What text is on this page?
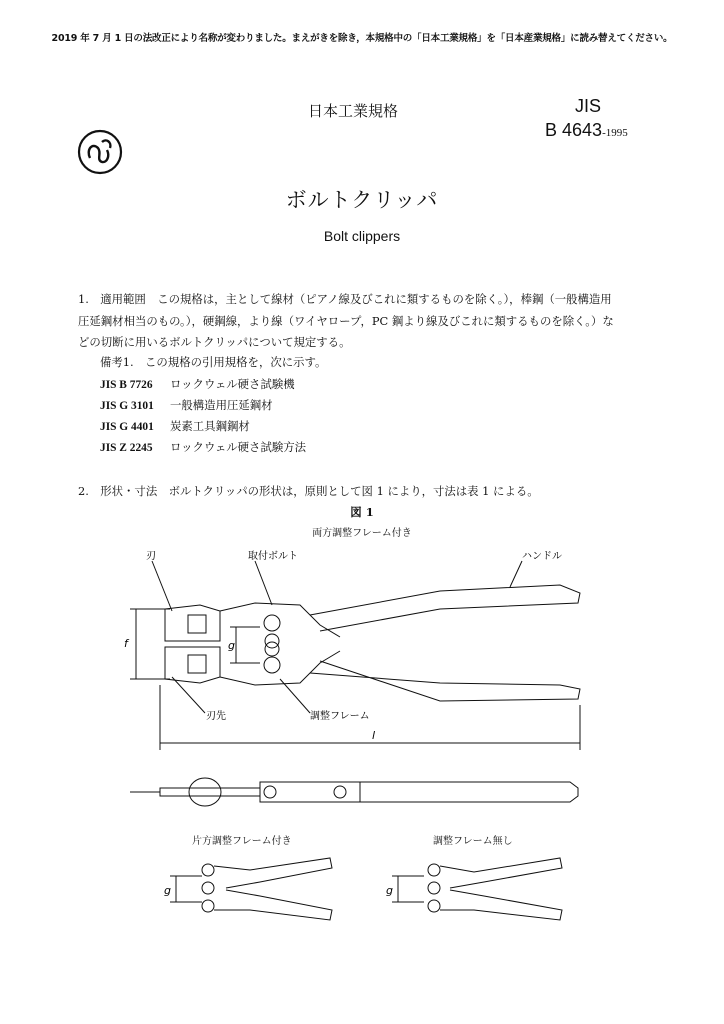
2019 年 7 月 1 日の法改正により名称が変わりました。まえがきを除き，本規格中の「日本工業規格」を「日本産業規格」に読み替えてください。
日本工業規格	JIS
B 4643-1995
ボルトクリッパ
Bolt clippers
1.　適用範囲　この規格は，主として線材（ピアノ線及びこれに類するものを除く。），棒鋼（一般構造用
圧延鋼材相当のもの。），硬鋼線，より線（ワイヤロープ，PC 鋼より線及びこれに類するものを除く。）な
どの切断に用いるボルトクリッパについて規定する。
備考1.　この規格の引用規格を，次に示す。
JIS B 7726 ロックウェル硬さ試験機
JIS G 3101 一般構造用圧延鋼材
JIS G 4401 炭素工具鋼鋼材
JIS Z 2245 ロックウェル硬さ試験方法
2.　形状・寸法　ボルトクリッパの形状は，原則として図 1 により，寸法は表 1 による。
図 1
両方調整フレーム付き
刃	取付ボルト	ハンドル
刃先	調整フレーム
f	g
l
片方調整フレーム付き	調整フレーム無し
g	g
